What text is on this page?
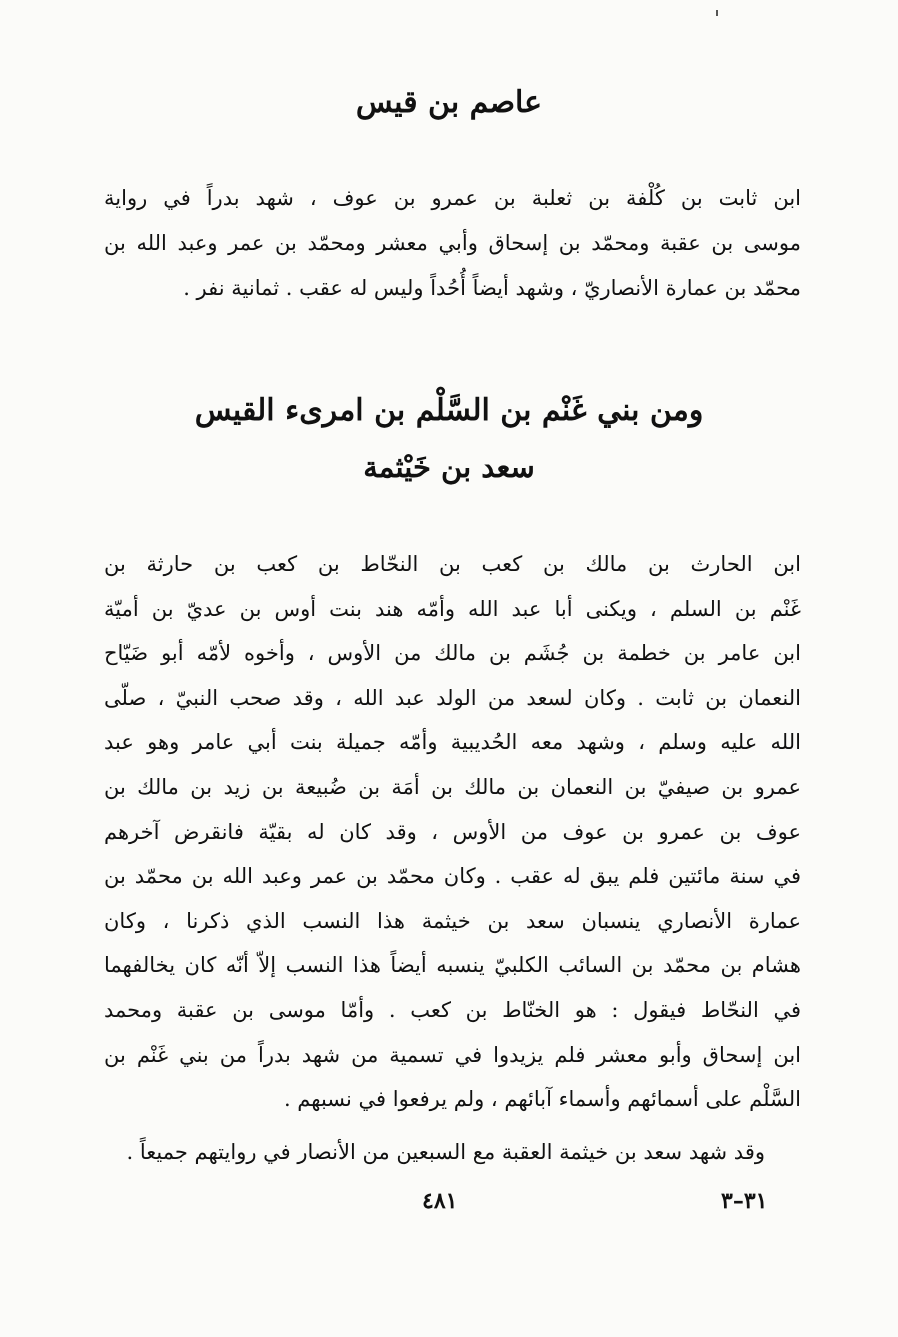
عاصم بن قيس

ابن ثابت بن كُلْفة بن ثعلبة بن عمرو بن عوف ، شهد بدراً في رواية
موسى بن عقبة ومحمّد بن إسحاق وأبي معشر ومحمّد بن عمر وعبد الله بن
محمّد بن عمارة الأنصاريّ ، وشهد أيضاً أُحُداً وليس له عقب . ثمانية نفر .

ومن بني غَنْم بن السَّلْم بن امرىء القيس
سعد بن خَيْثمة

ابن الحارث بن مالك بن كعب بن النحّاط بن كعب بن حارثة بن
غَنْم بن السلم ، ويكنى أبا عبد الله وأمّه هند بنت أوس بن عديّ بن أميّة
ابن عامر بن خطمة بن جُشَم بن مالك من الأوس ، وأخوه لأمّه أبو ضَيّاح
النعمان بن ثابت . وكان لسعد من الولد عبد الله ، وقد صحب النبيّ ، صلّى
الله عليه وسلم ، وشهد معه الحُديبية وأمّه جميلة بنت أبي عامر وهو عبد
عمرو بن صيفيّ بن النعمان بن مالك بن أمَة بن ضُبيعة بن زيد بن مالك بن
عوف بن عمرو بن عوف من الأوس ، وقد كان له بقيّة فانقرض آخرهم
في سنة مائتين فلم يبق له عقب . وكان محمّد بن عمر وعبد الله بن محمّد بن
عمارة الأنصاري ينسبان سعد بن خيثمة هذا النسب الذي ذكرنا ، وكان
هشام بن محمّد بن السائب الكلبيّ ينسبه أيضاً هذا النسب إلاّ أنّه كان يخالفهما
في النحّاط فيقول : هو الخنّاط بن كعب . وأمّا موسى بن عقبة ومحمد
ابن إسحاق وأبو معشر فلم يزيدوا في تسمية من شهد بدراً من بني غَنْم بن
السَّلْم على أسمائهم وأسماء آبائهم ، ولم يرفعوا في نسبهم .

وقد شهد سعد بن خيثمة العقبة مع السبعين من الأنصار في روايتهم جميعاً .

٤٨١	٣١–٣
